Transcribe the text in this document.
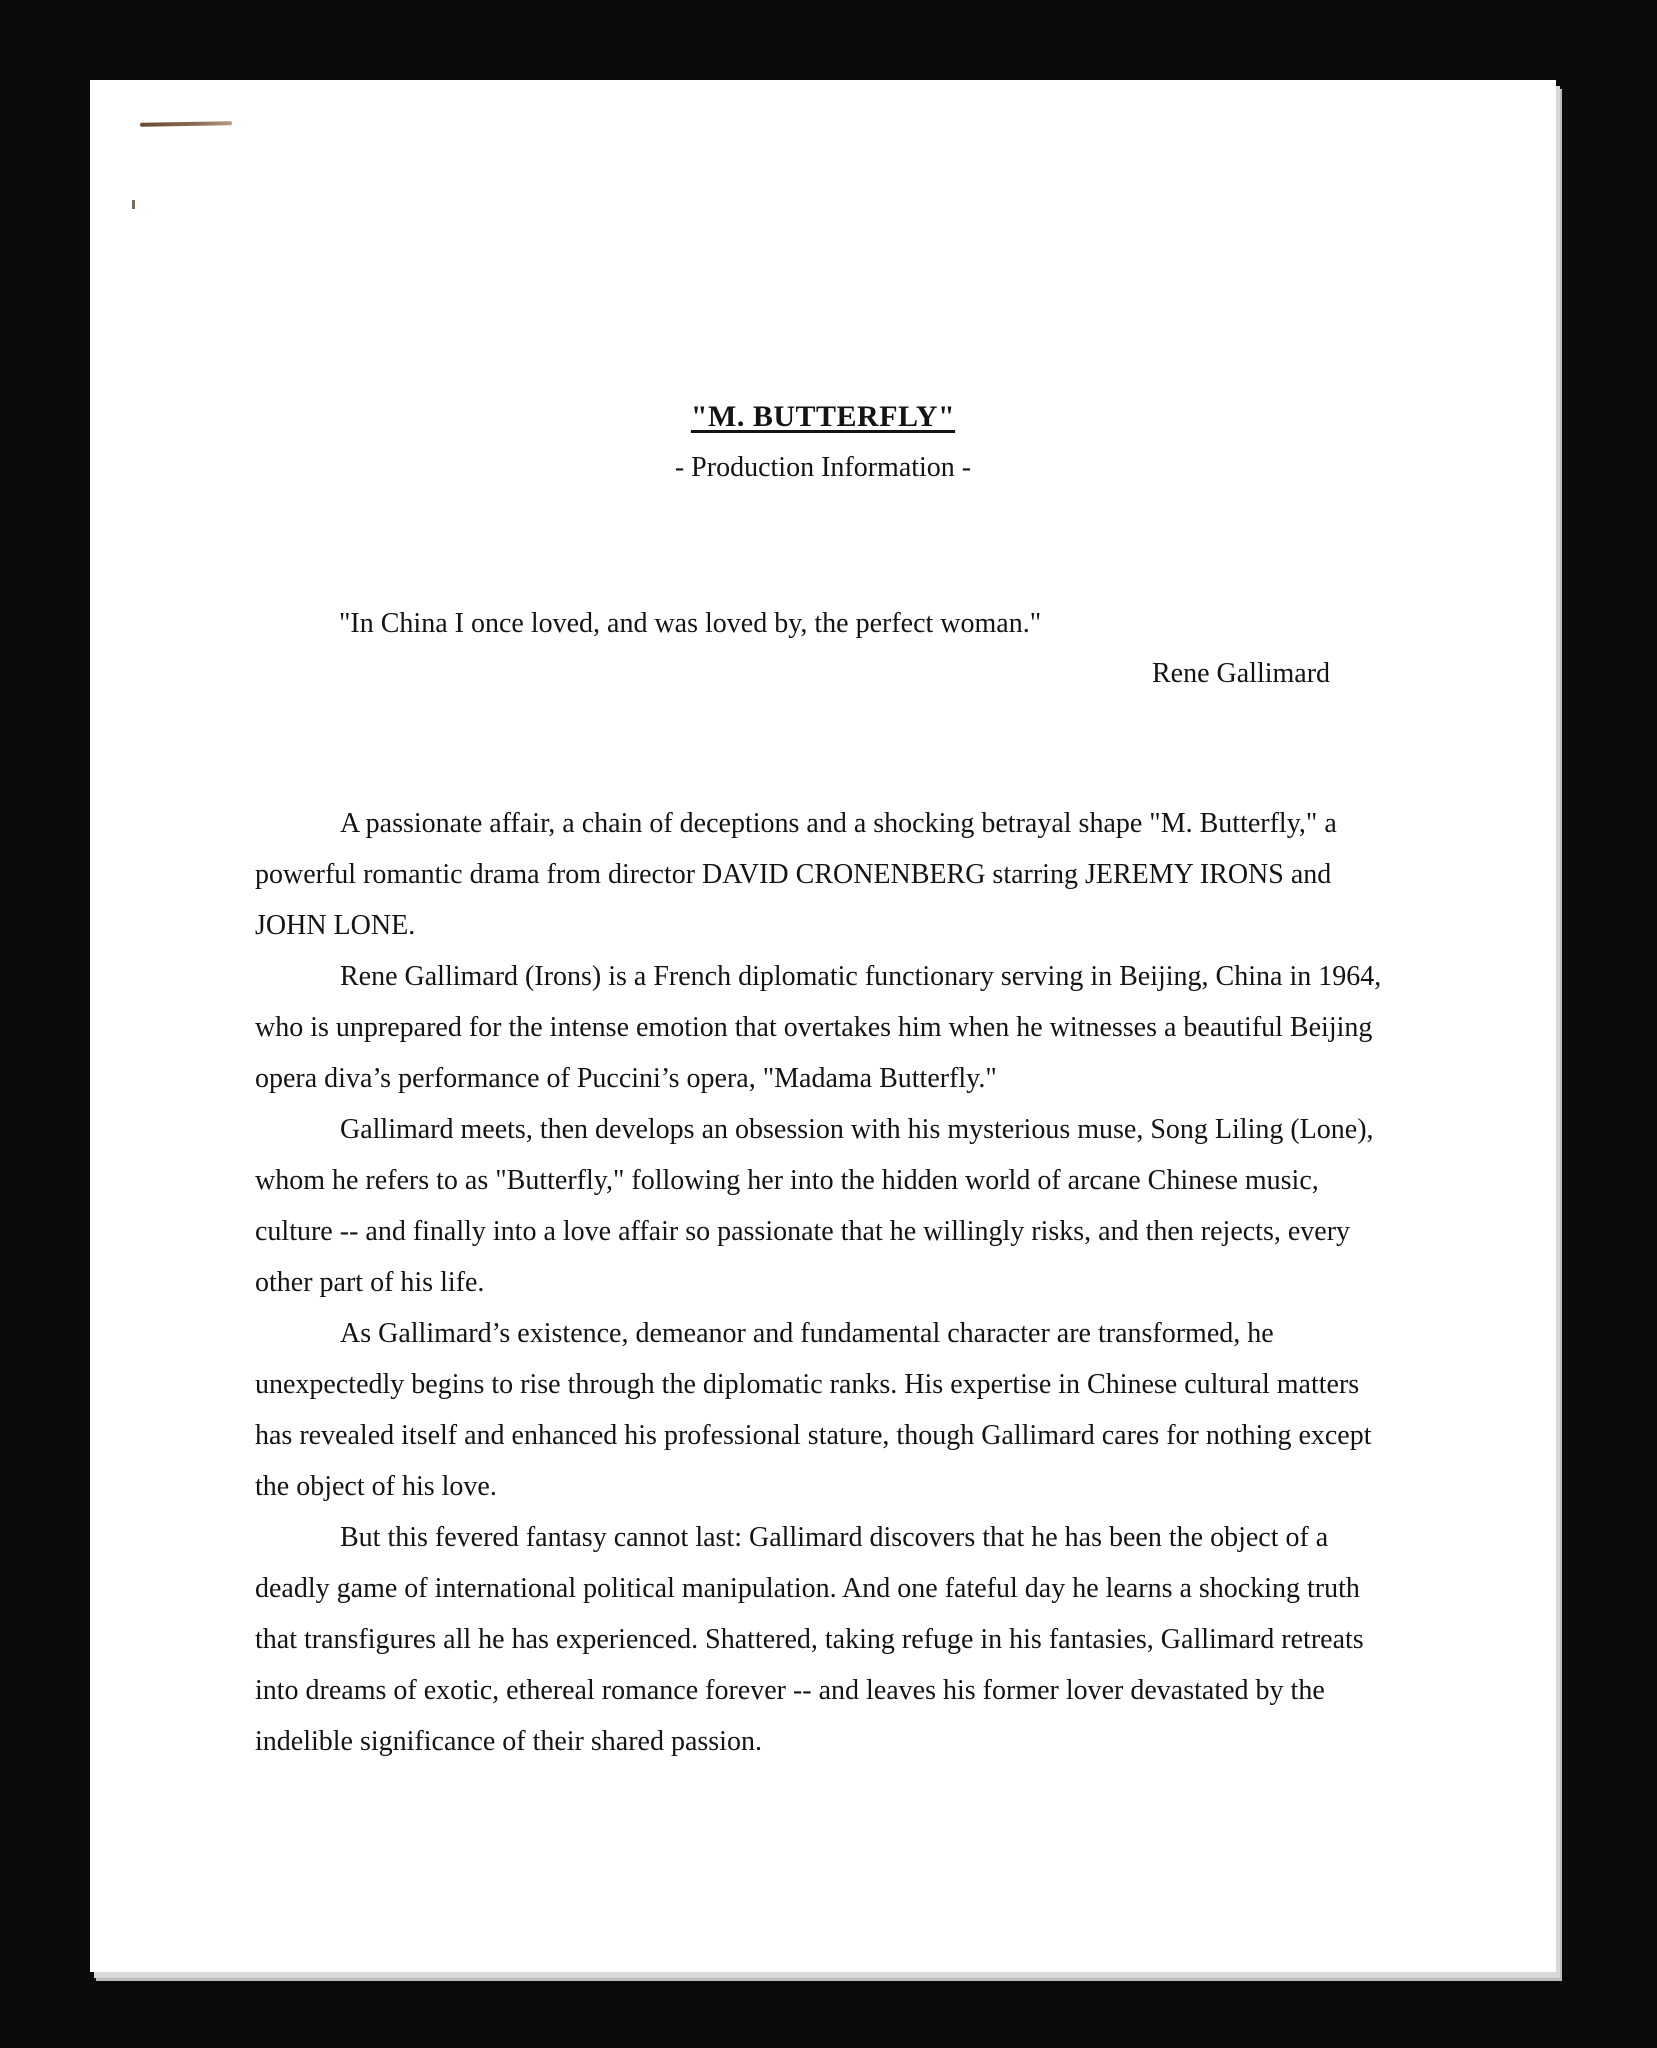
"M. BUTTERFLY"
- Production Information -
"In China I once loved, and was loved by, the perfect woman."
Rene Gallimard

A passionate affair, a chain of deceptions and a shocking betrayal shape "M. Butterfly," a powerful romantic drama from director DAVID CRONENBERG starring JEREMY IRONS and JOHN LONE.

Rene Gallimard (Irons) is a French diplomatic functionary serving in Beijing, China in 1964, who is unprepared for the intense emotion that overtakes him when he witnesses a beautiful Beijing opera diva’s performance of Puccini’s opera, "Madama Butterfly."

Gallimard meets, then develops an obsession with his mysterious muse, Song Liling (Lone), whom he refers to as "Butterfly," following her into the hidden world of arcane Chinese music, culture -- and finally into a love affair so passionate that he willingly risks, and then rejects, every other part of his life.

As Gallimard’s existence, demeanor and fundamental character are transformed, he unexpectedly begins to rise through the diplomatic ranks. His expertise in Chinese cultural matters has revealed itself and enhanced his professional stature, though Gallimard cares for nothing except the object of his love.

But this fevered fantasy cannot last: Gallimard discovers that he has been the object of a deadly game of international political manipulation. And one fateful day he learns a shocking truth that transfigures all he has experienced. Shattered, taking refuge in his fantasies, Gallimard retreats into dreams of exotic, ethereal romance forever -- and leaves his former lover devastated by the indelible significance of their shared passion.
